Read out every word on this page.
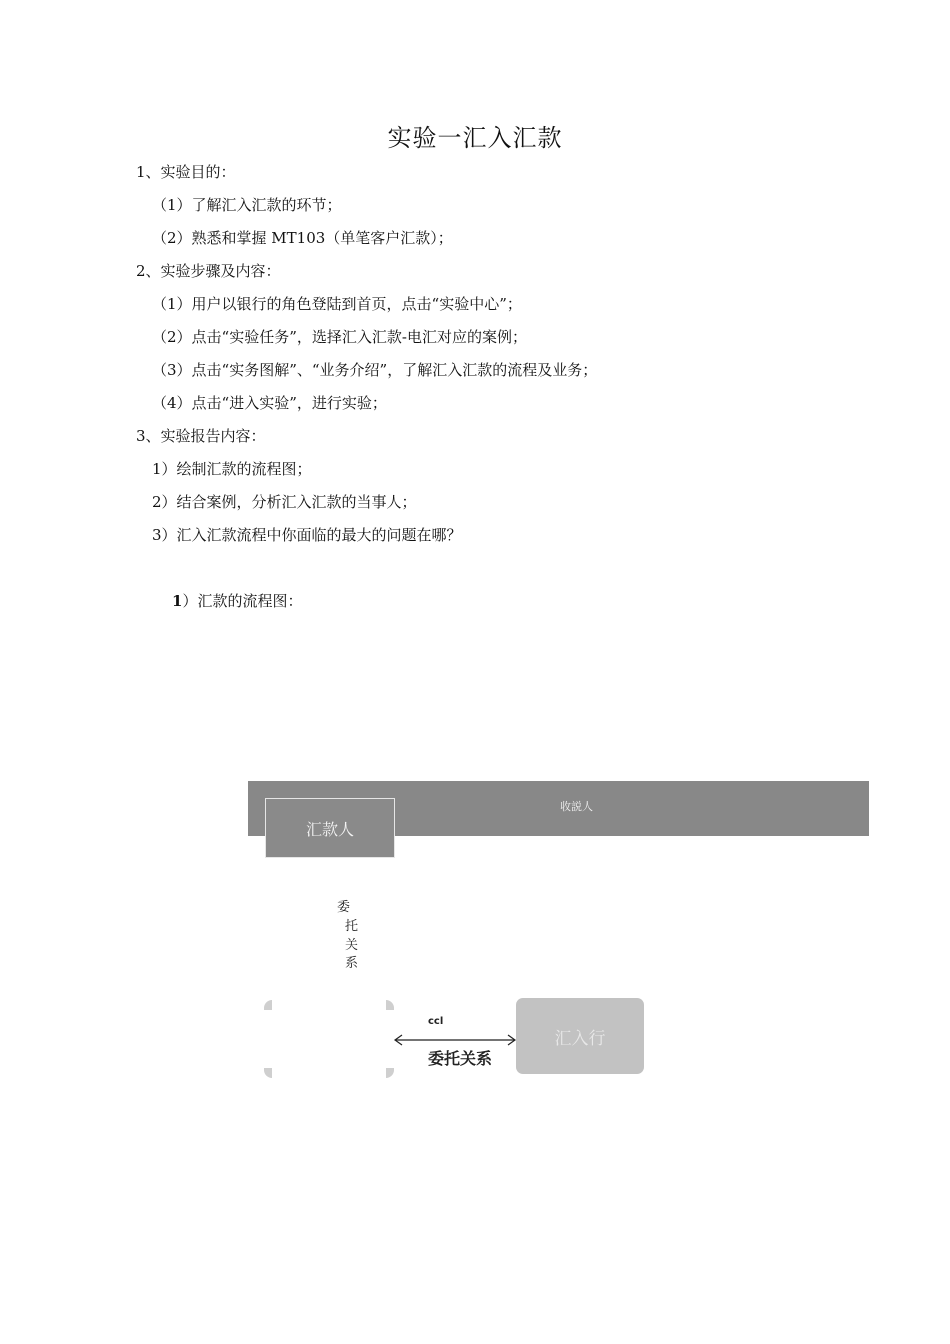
实验一汇入汇款
1、实验目的：
（1）了解汇入汇款的环节；
（2）熟悉和掌握 MT103（单笔客户汇款）；
2、实验步骤及内容：
（1）用户以银行的角色登陆到首页，点击“实验中心”；
（2）点击“实验任务”，选择汇入汇款-电汇对应的案例；
（3）点击“实务图解”、“业务介绍”，了解汇入汇款的流程及业务；
（4）点击“进入实验”，进行实验；
3、实验报告内容：
1）绘制汇款的流程图；
2）结合案例，分析汇入汇款的当事人；
3）汇入汇款流程中你面临的最大的问题在哪？
1）汇款的流程图：
收説人
汇款人
委
托
关
系
汇入行
ccl
委托关系
